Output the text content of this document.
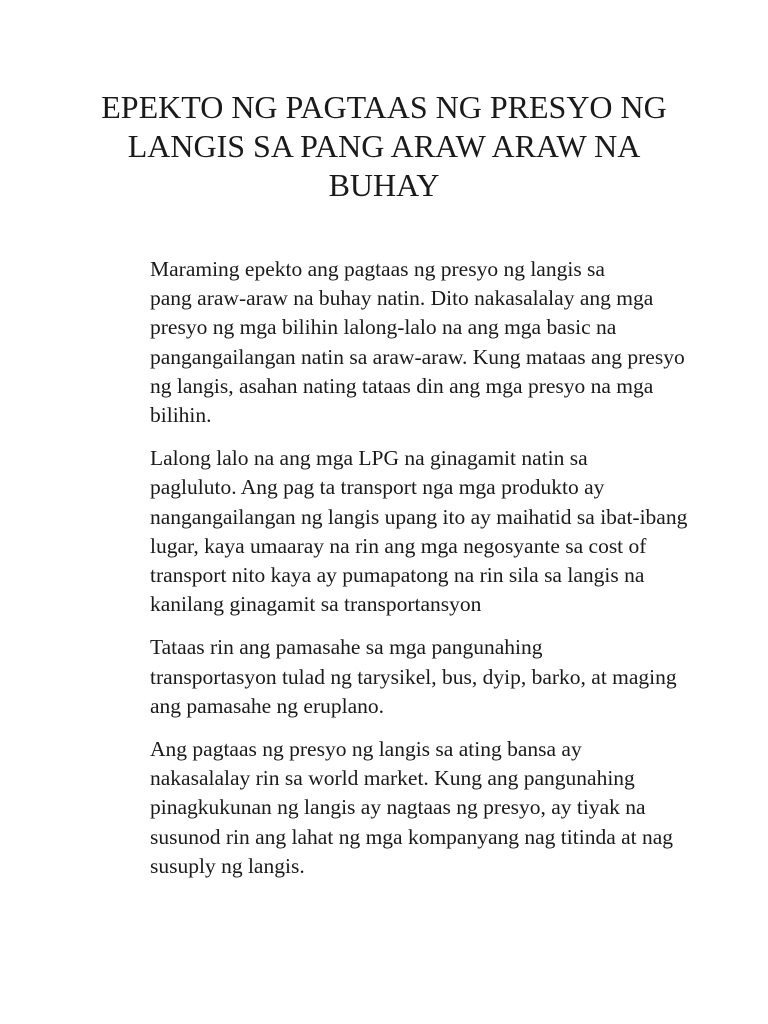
EPEKTO NG PAGTAAS NG PRESYO NG
LANGIS SA PANG ARAW ARAW NA
BUHAY

Maraming epekto ang pagtaas ng presyo ng langis sa
pang araw-araw na buhay natin. Dito nakasalalay ang mga
presyo ng mga bilihin lalong-lalo na ang mga basic na
pangangailangan natin sa araw-araw. Kung mataas ang presyo
ng langis, asahan nating tataas din ang mga presyo na mga
bilihin.

Lalong lalo na ang mga LPG na ginagamit natin sa
pagluluto. Ang pag ta transport nga mga produkto ay
nangangailangan ng langis upang ito ay maihatid sa ibat-ibang
lugar, kaya umaaray na rin ang mga negosyante sa cost of
transport nito kaya ay pumapatong na rin sila sa langis na
kanilang ginagamit sa transportansyon

Tataas rin ang pamasahe sa mga pangunahing
transportasyon tulad ng tarysikel, bus, dyip, barko, at maging
ang pamasahe ng eruplano.

Ang pagtaas ng presyo ng langis sa ating bansa ay
nakasalalay rin sa world market. Kung ang pangunahing
pinagkukunan ng langis ay nagtaas ng presyo, ay tiyak na
susunod rin ang lahat ng mga kompanyang nag titinda at nag
susuply ng langis.
